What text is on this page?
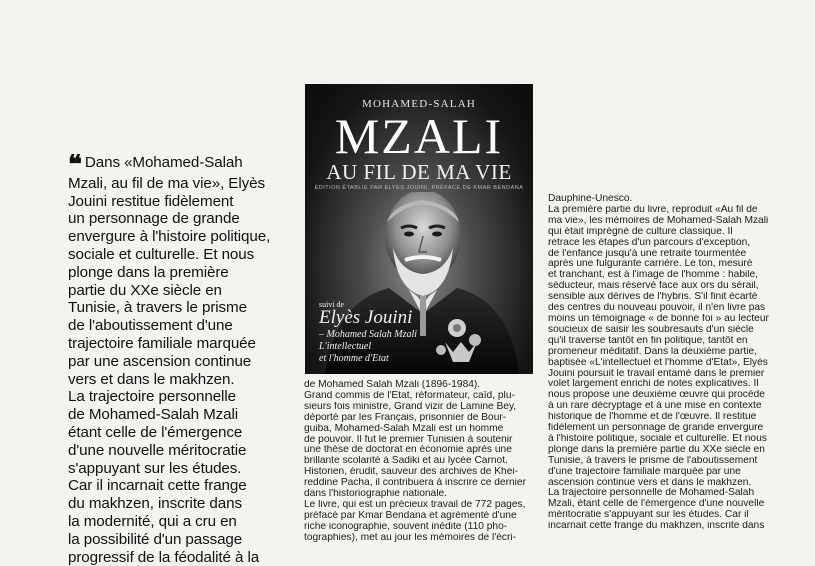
❝ Dans «Mohamed-Salah
Mzali, au fil de ma vie», Elyès
Jouini restitue fidèlement
un personnage de grande
envergure à l'histoire politique,
sociale et culturelle. Et nous
plonge dans la première
partie du XXe siècle en
Tunisie, à travers le prisme
de l'aboutissement d'une
trajectoire familiale marquée
par une ascension continue
vers et dans le makhzen.
La trajectoire personnelle
de Mohamed-Salah Mzali
étant celle de l'émergence
d'une nouvelle méritocratie
s'appuyant sur les études.
Car il incarnait cette frange
du makhzen, inscrite dans
la modernité, qui a cru en
la possibilité d'un passage
progressif de la féodalité à la
MOHAMED-SALAH
MZALI
AU FIL DE MA VIE
ÉDITION ÉTABLIE PAR ELYÈS JOUINI, PRÉFACE DE KMAR BENDANA
suivi de
Elyès Jouini
– Mohamed Salah Mzali
L'intellectuel
et l'homme d'Etat
de Mohamed Salah Mzali (1896-1984).
Grand commis de l'Etat, réformateur, caïd, plu-
sieurs fois ministre, Grand vizir de Lamine Bey,
déporté par les Français, prisonnier de Bour-
guiba, Mohamed-Salah Mzali est un homme
de pouvoir. Il fut le premier Tunisien à soutenir
une thèse de doctorat en économie après une
brillante scolarité à Sadiki et au lycée Carnot.
Historien, érudit, sauveur des archives de Khei-
reddine Pacha, il contribuera à inscrire ce dernier
dans l'historiographie nationale.
Le livre, qui est un précieux travail de 772 pages,
préfacé par Kmar Bendana et agrémenté d'une
riche iconographie, souvent inédite (110 pho-
tographies), met au jour les mémoires de l'écri-
Dauphine-Unesco.
La première partie du livre, reproduit «Au fil de
ma vie», les mémoires de Mohamed-Salah Mzali
qui était imprégné de culture classique. Il
retrace les étapes d'un parcours d'exception,
de l'enfance jusqu'à une retraite tourmentée
après une fulgurante carrière. Le ton, mesuré
et tranchant, est à l'image de l'homme : habile,
séducteur, mais réservé face aux ors du sérail,
sensible aux dérives de l'hybris. S'il finit écarté
des centres du nouveau pouvoir, il n'en livre pas
moins un témoignage « de bonne foi » au lecteur
soucieux de saisir les soubresauts d'un siècle
qu'il traverse tantôt en fin politique, tantôt en
promeneur méditatif. Dans la deuxième partie,
baptisée «L'intellectuel et l'homme d'Etat», Elyès
Jouini poursuit le travail entamé dans le premier
volet largement enrichi de notes explicatives. Il
nous propose une deuxième œuvre qui procède
à un rare décryptage et à une mise en contexte
historique de l'homme et de l'œuvre. Il restitue
fidèlement un personnage de grande envergure
à l'histoire politique, sociale et culturelle. Et nous
plonge dans la première partie du XXe siècle en
Tunisie, à travers le prisme de l'aboutissement
d'une trajectoire familiale marquée par une
ascension continue vers et dans le makhzen.
La trajectoire personnelle de Mohamed-Salah
Mzali, étant celle de l'émergence d'une nouvelle
méritocratie s'appuyant sur les études. Car il
incarnait cette frange du makhzen, inscrite dans
